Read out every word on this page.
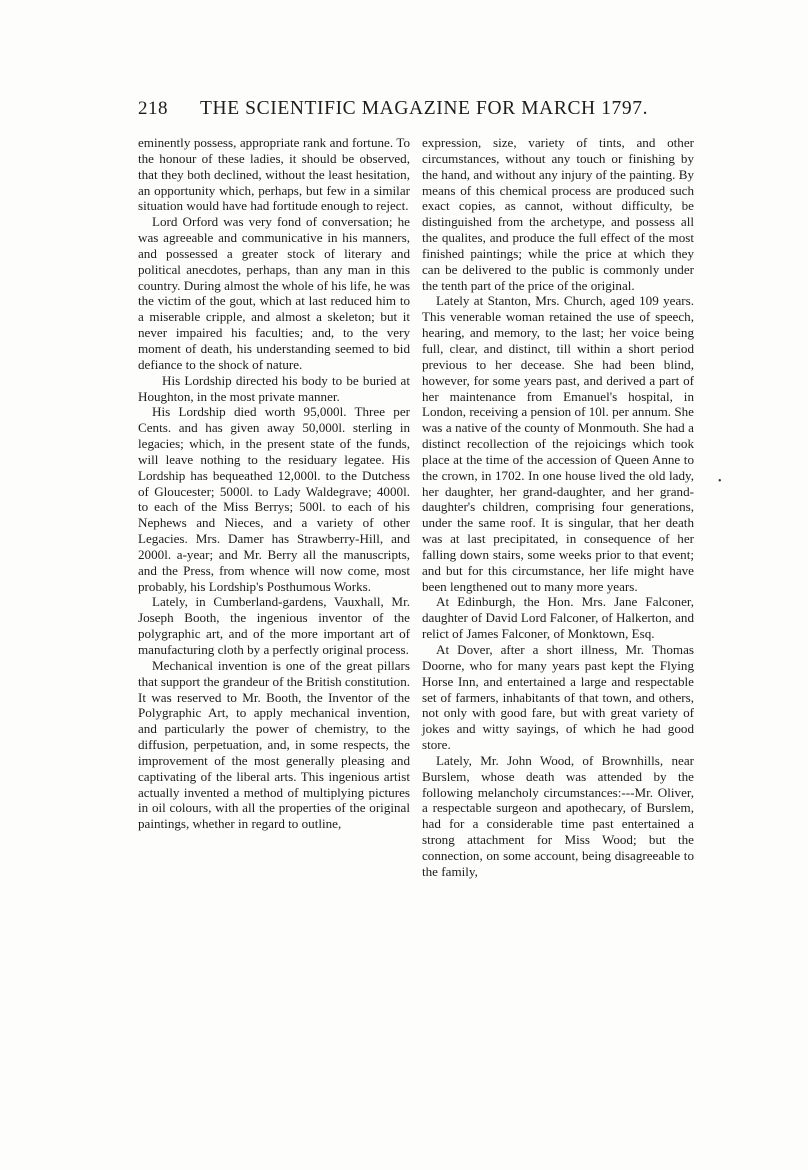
218 THE SCIENTIFIC MAGAZINE FOR MARCH 1797.

eminently possess, appropriate rank and fortune. To the honour of these ladies, it should be observed, that they both declined, without the least hesitation, an opportunity which, perhaps, but few in a similar situation would have had fortitude enough to reject.

Lord Orford was very fond of conversation; he was agreeable and communicative in his manners, and possessed a greater stock of literary and political anecdotes, perhaps, than any man in this country. During almost the whole of his life, he was the victim of the gout, which at last reduced him to a miserable cripple, and almost a skeleton; but it never impaired his faculties; and, to the very moment of death, his understanding seemed to bid defiance to the shock of nature.

His Lordship directed his body to be buried at Houghton, in the most private manner.

His Lordship died worth 95,000l. Three per Cents. and has given away 50,000l. sterling in legacies; which, in the present state of the funds, will leave nothing to the residuary legatee. His Lordship has bequeathed 12,000l. to the Dutchess of Gloucester; 5000l. to Lady Waldegrave; 4000l. to each of the Miss Berrys; 500l. to each of his Nephews and Nieces, and a variety of other Legacies. Mrs. Damer has Strawberry-Hill, and 2000l. a-year; and Mr. Berry all the manuscripts, and the Press, from whence will now come, most probably, his Lordship's Posthumous Works.

Lately, in Cumberland-gardens, Vauxhall, Mr. Joseph Booth, the ingenious inventor of the polygraphic art, and of the more important art of manufacturing cloth by a perfectly original process.

Mechanical invention is one of the great pillars that support the grandeur of the British constitution. It was reserved to Mr. Booth, the Inventor of the Polygraphic Art, to apply mechanical invention, and particularly the power of chemistry, to the diffusion, perpetuation, and, in some respects, the improvement of the most generally pleasing and captivating of the liberal arts. This ingenious artist actually invented a method of multiplying pictures in oil colours, with all the properties of the original paintings, whether in regard to outline,

expression, size, variety of tints, and other circumstances, without any touch or finishing by the hand, and without any injury of the painting. By means of this chemical process are produced such exact copies, as cannot, without difficulty, be distinguished from the archetype, and possess all the qualites, and produce the full effect of the most finished paintings; while the price at which they can be delivered to the public is commonly under the tenth part of the price of the original.

Lately at Stanton, Mrs. Church, aged 109 years. This venerable woman retained the use of speech, hearing, and memory, to the last; her voice being full, clear, and distinct, till within a short period previous to her decease. She had been blind, however, for some years past, and derived a part of her maintenance from Emanuel's hospital, in London, receiving a pension of 10l. per annum. She was a native of the county of Monmouth. She had a distinct recollection of the rejoicings which took place at the time of the accession of Queen Anne to the crown, in 1702. In one house lived the old lady, her daughter, her grand-daughter, and her grand-daughter's children, comprising four generations, under the same roof. It is singular, that her death was at last precipitated, in consequence of her falling down stairs, some weeks prior to that event; and but for this circumstance, her life might have been lengthened out to many more years.

At Edinburgh, the Hon. Mrs. Jane Falconer, daughter of David Lord Falconer, of Halkerton, and relict of James Falconer, of Monktown, Esq.

At Dover, after a short illness, Mr. Thomas Doorne, who for many years past kept the Flying Horse Inn, and entertained a large and respectable set of farmers, inhabitants of that town, and others, not only with good fare, but with great variety of jokes and witty sayings, of which he had good store.

Lately, Mr. John Wood, of Brownhills, near Burslem, whose death was attended by the following melancholy circumstances:---Mr. Oliver, a respectable surgeon and apothecary, of Burslem, had for a considerable time past entertained a strong attachment for Miss Wood; but the connection, on some account, being disagreeable to the family,

•
